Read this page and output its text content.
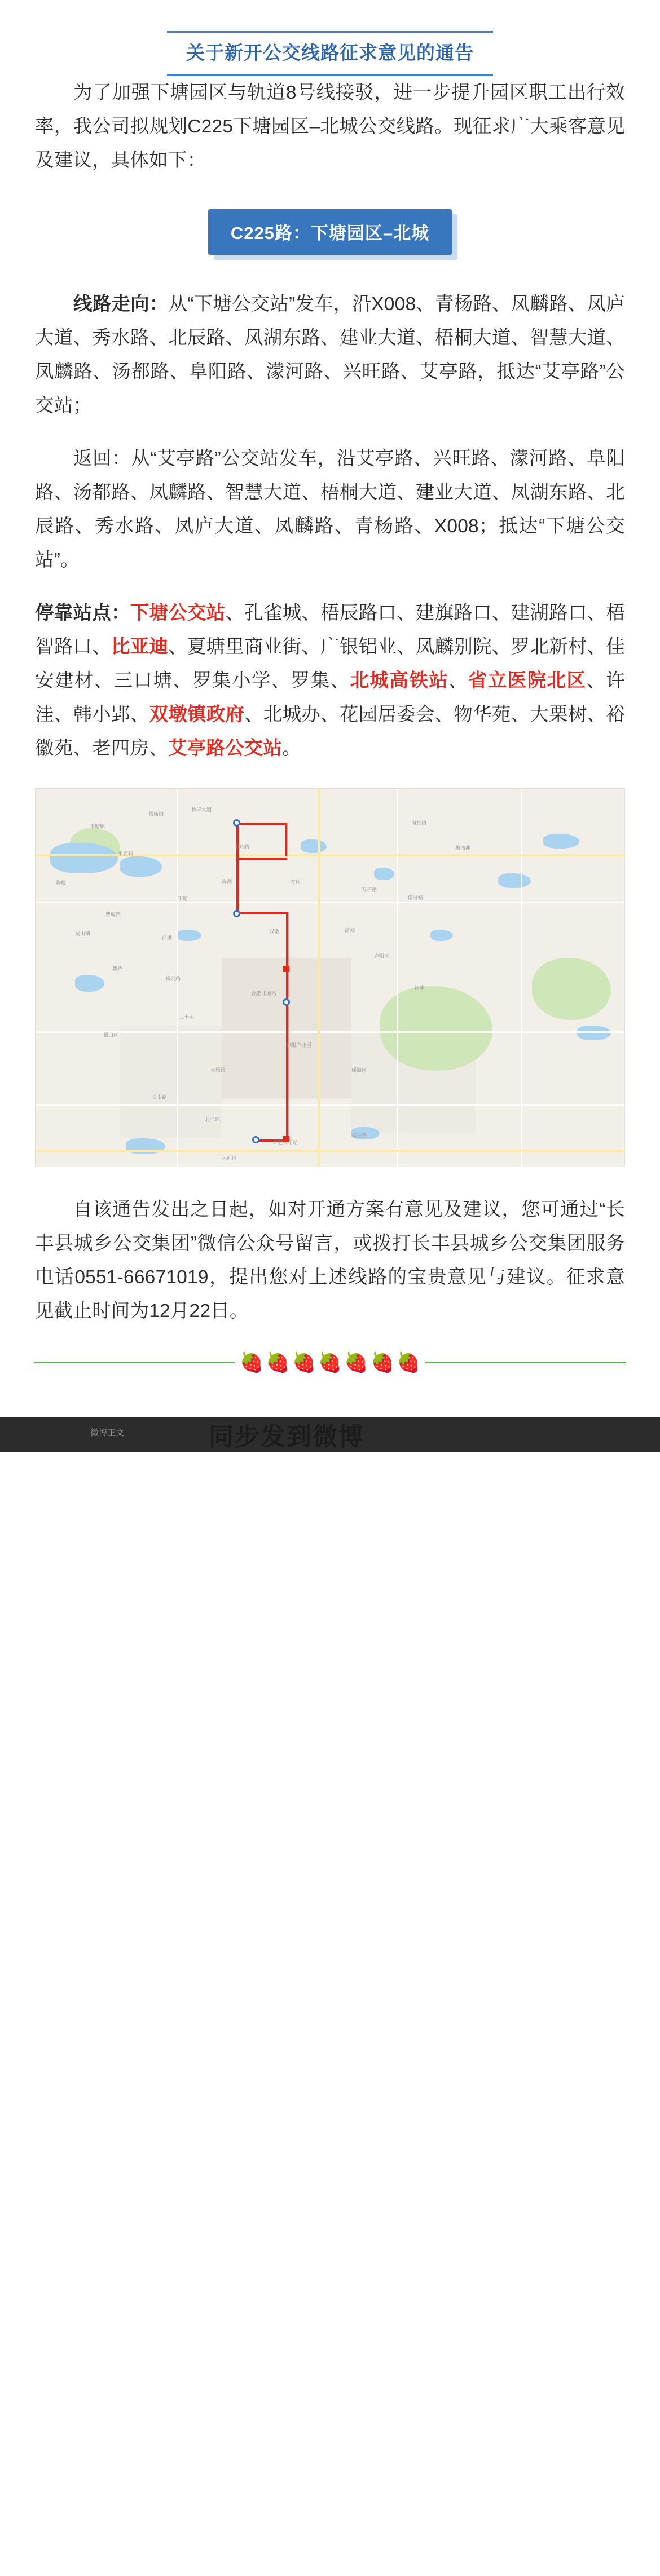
关于新开公交线路征求意见的通告

为了加强下塘园区与轨道8号线接驳，进一步提升园区职工出行效率，我公司拟规划C225下塘园区–北城公交线路。现征求广大乘客意见及建议，具体如下：

C225路：下塘园区–北城

线路走向：从“下塘公交站”发车，沿X008、青杨路、凤麟路、凤庐大道、秀水路、北辰路、凤湖东路、建业大道、梧桐大道、智慧大道、凤麟路、汤都路、阜阳路、濛河路、兴旺路、艾亭路，抵达“艾亭路”公交站；

返回：从“艾亭路”公交站发车，沿艾亭路、兴旺路、濛河路、阜阳路、汤都路、凤麟路、智慧大道、梧桐大道、建业大道、凤湖东路、北辰路、秀水路、凤庐大道、凤麟路、青杨路、X008；抵达“下塘公交站”。

停靠站点：下塘公交站、孔雀城、梧辰路口、建旗路口、建湖路口、梧智路口、比亚迪、夏塘里商业街、广银铝业、凤麟别院、罗北新村、佳安建材、三口塘、罗集小学、罗集、北城高铁站、省立医院北区、许洼、韩小郢、双墩镇政府、北城办、花园居委会、物华苑、大栗树、裕徽苑、老四房、艾亭路公交站。

下塘镇
陶楼
杨庙镇
秋丰大道
小庙村
小岭路
岗集镇
梅墩冲
陶湖	方岗
下塘
万子路
南分路
曹庵路
吴山镇
前进
双墩	高刘
庐阳区
新桥
杨公路
合肥北城站
岗集
三十头
蜀山区
庐阳产业园
大杨镇	瑶海区
长丰路
北二环
合肥火车站
临泉路
包河区

自该通告发出之日起，如对开通方案有意见及建议，您可通过“长丰县城乡公交集团”微信公众号留言，或拨打长丰县城乡公交集团服务电话0551-66671019，提出您对上述线路的宝贵意见与建议。征求意见截止时间为12月22日。

🍓 🍓 🍓 🍓 🍓 🍓 🍓
微博正文	同步发到微博
